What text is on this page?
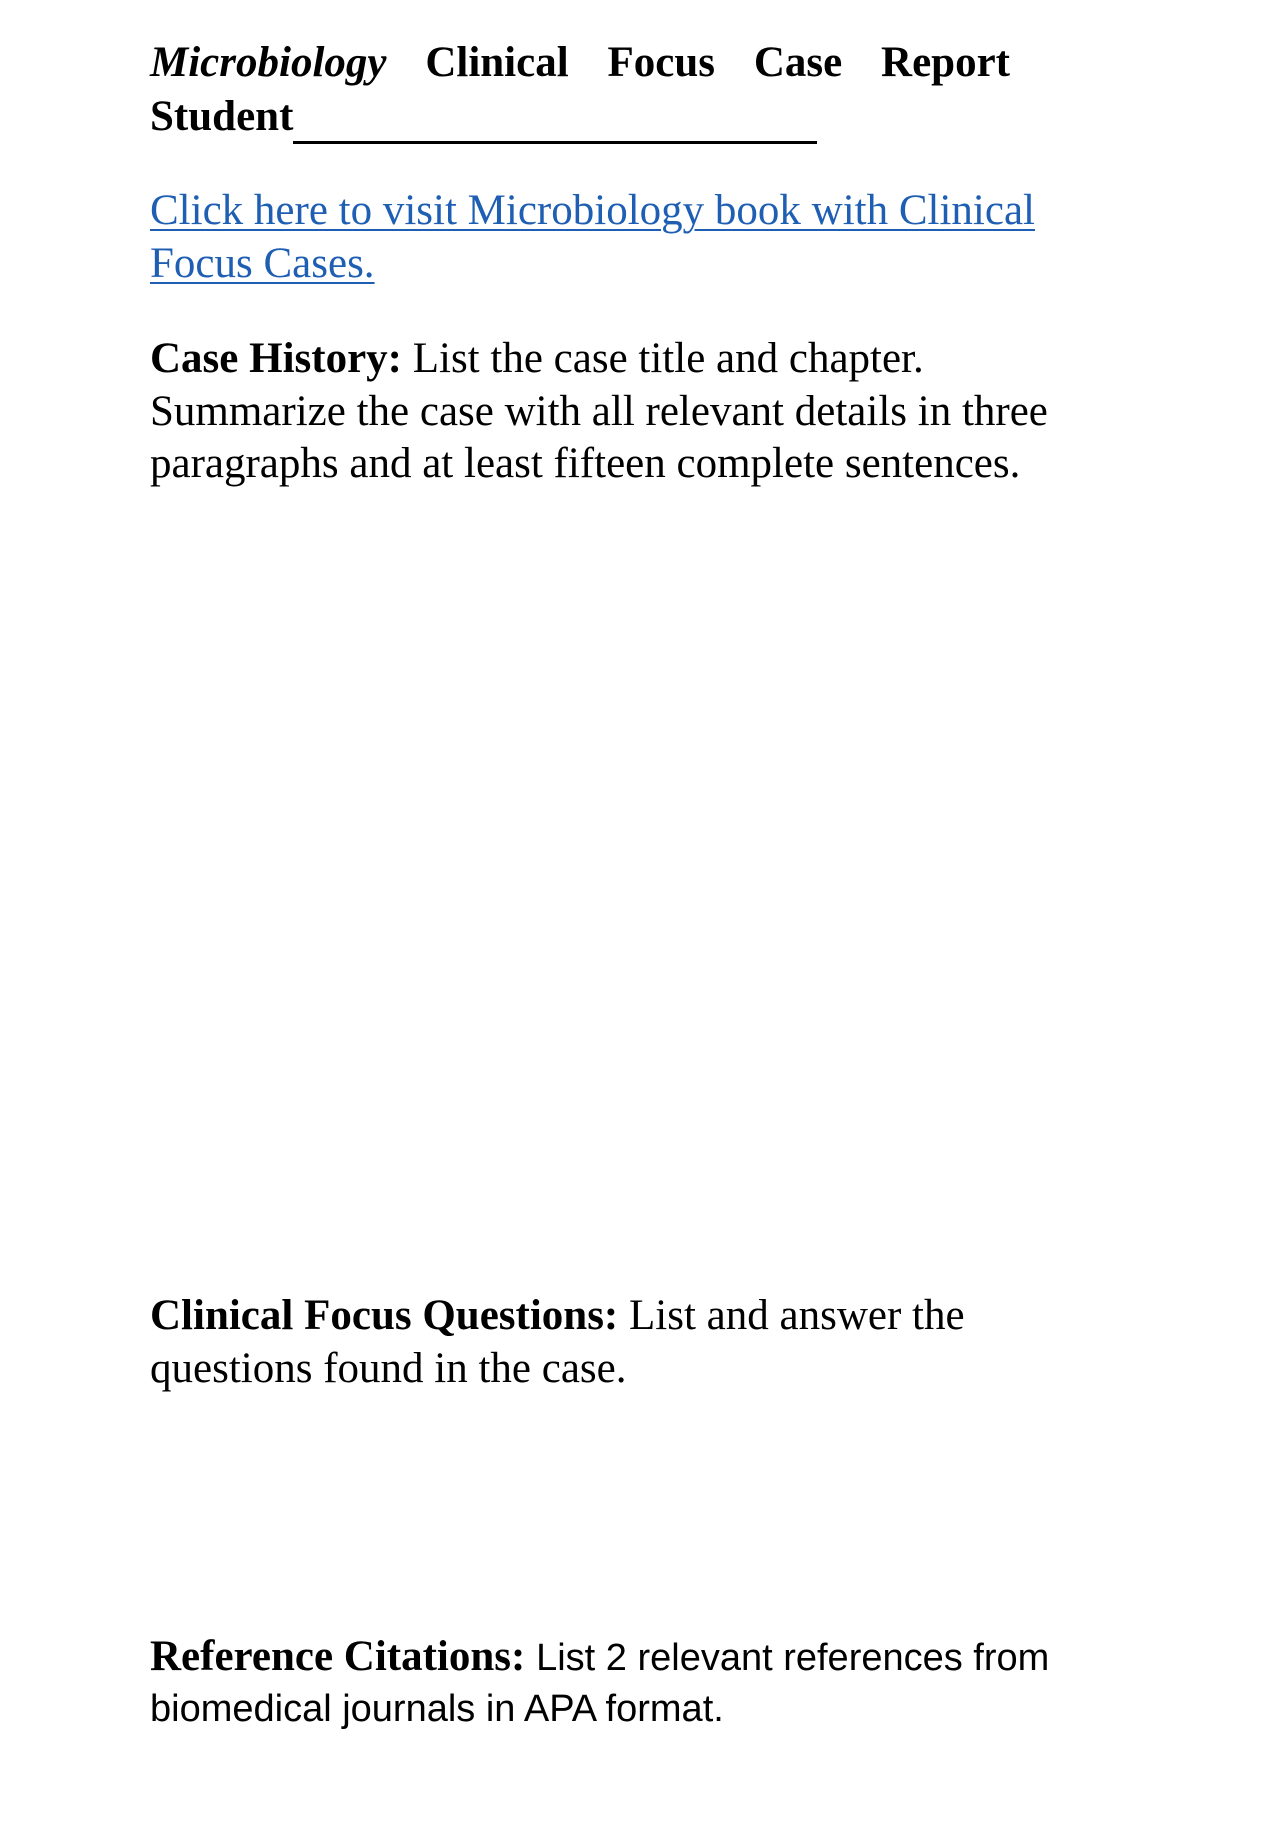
Microbiology Clinical Focus Case Report
Student
Click here to visit Microbiology book with Clinical Focus Cases.
Case History: List the case title and chapter. Summarize the case with all relevant details in three paragraphs and at least fifteen complete sentences.
Clinical Focus Questions: List and answer the questions found in the case.
Reference Citations: List 2 relevant references from biomedical journals in APA format.
